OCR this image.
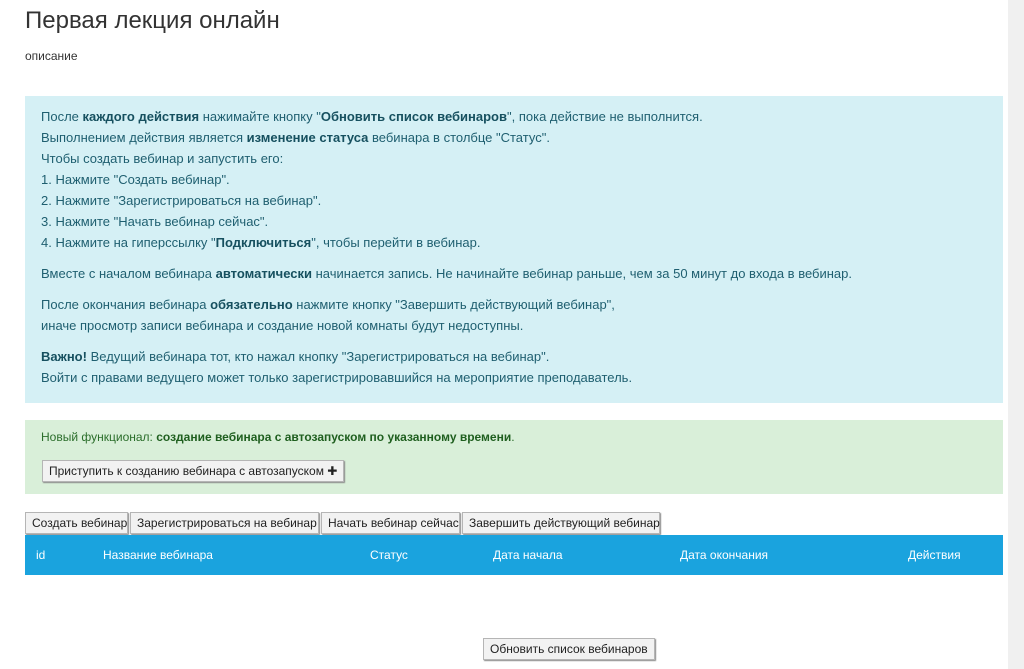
Первая лекция онлайн
описание

После каждого действия нажимайте кнопку "Обновить список вебинаров", пока действие не выполнится.

Выполнением действия является изменение статуса вебинара в столбце "Статус".

Чтобы создать вебинар и запустить его:

1. Нажмите "Создать вебинар".

2. Нажмите "Зарегистрироваться на вебинар".

3. Нажмите "Начать вебинар сейчас".

4. Нажмите на гиперссылку "Подключиться", чтобы перейти в вебинар.

Вместе с началом вебинара автоматически начинается запись. Не начинайте вебинар раньше, чем за 50 минут до входа в вебинар.

После окончания вебинара обязательно нажмите кнопку "Завершить действующий вебинар",

иначе просмотр записи вебинара и создание новой комнаты будут недоступны.

Важно! Ведущий вебинара тот, кто нажал кнопку "Зарегистрироваться на вебинар".

Войти с правами ведущего может только зарегистрировавшийся на мероприятие преподаватель.

Новый функционал: создание вебинара с автозапуском по указанному времени.
Приступить к созданию вебинара с автозапуском ✚
Создать вебинар Зарегистрироваться на вебинар Начать вебинар сейчас Завершить действующий вебинар
id	Название вебинара	Статус	Дата начала	Дата окончания	Действия
Обновить список вебинаров
